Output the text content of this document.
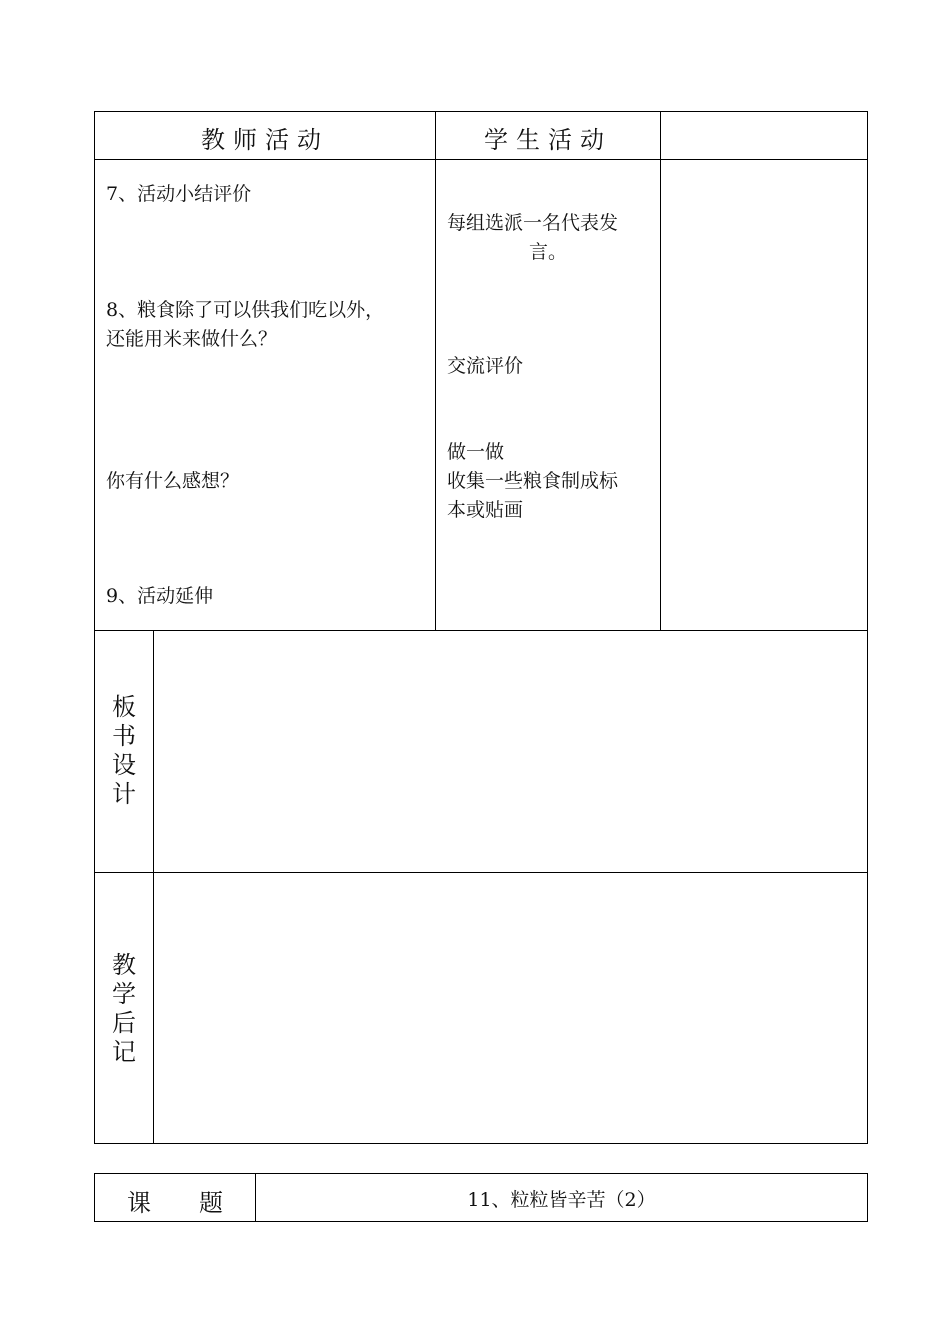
教师活动	学生活动
7、活动小结评价
8、粮食除了可以供我们吃以外，
还能用米来做什么？
你有什么感想？
9、活动延伸
每组选派一名代表发
言。
交流评价
做一做
收集一些粮食制成标
本或贴画
板书设计
教学后记
课　　题	11、粒粒皆辛苦（2）
